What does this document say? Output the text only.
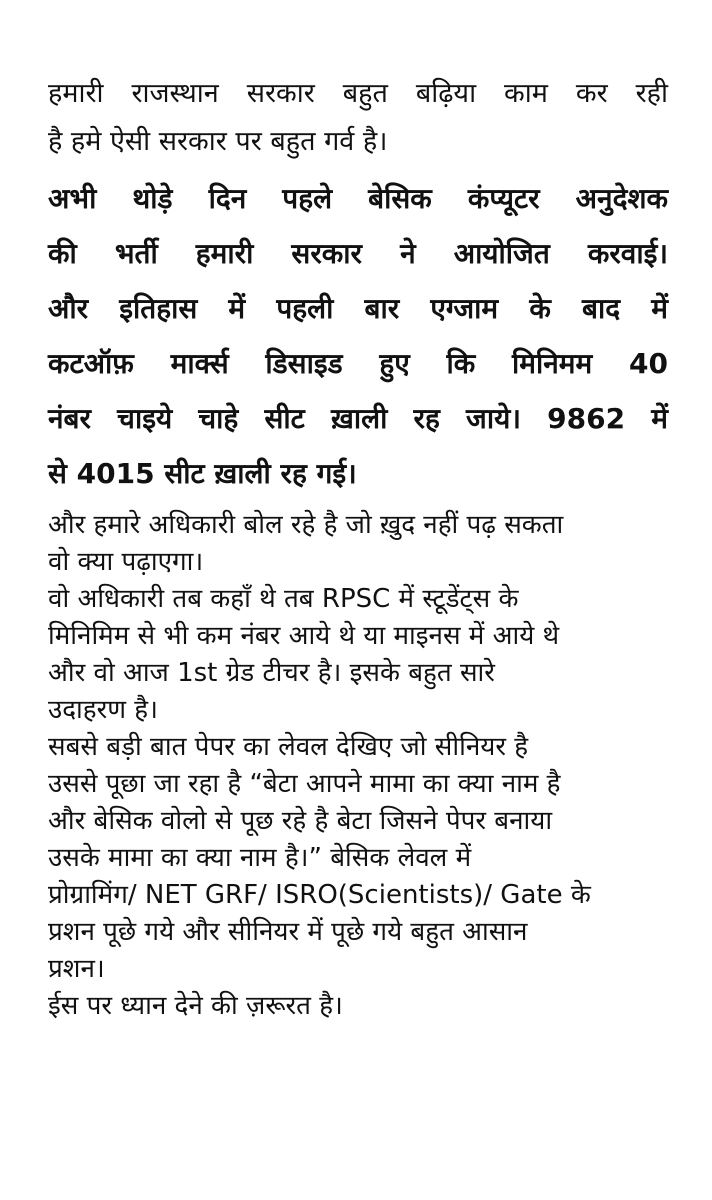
हमारी राजस्थान सरकार बहुत बढ़िया काम कर रही
है हमे ऐसी सरकार पर बहुत गर्व है।
अभी थोड़े दिन पहले बेसिक कंप्यूटर अनुदेशक
की भर्ती हमारी सरकार ने आयोजित करवाई।
और इतिहास में पहली बार एग्जाम के बाद में
कटऑफ़ मार्क्स डिसाइड हुए कि मिनिमम 40
नंबर चाइये चाहे सीट ख़ाली रह जाये। 9862 में
से 4015 सीट ख़ाली रह गई।
और हमारे अधिकारी बोल रहे है जो ख़ुद नहीं पढ़ सकता
वो क्या पढ़ाएगा।
वो अधिकारी तब कहाँ थे तब RPSC में स्टूडेंट्स के
मिनिमिम से भी कम नंबर आये थे या माइनस में आये थे
और वो आज 1st ग्रेड टीचर है। इसके बहुत सारे
उदाहरण है।
सबसे बड़ी बात पेपर का लेवल देखिए जो सीनियर है
उससे पूछा जा रहा है “बेटा आपने मामा का क्या नाम है
और बेसिक वोलो से पूछ रहे है बेटा जिसने पेपर बनाया
उसके मामा का क्या नाम है।” बेसिक लेवल में
प्रोग्रामिंग/ NET GRF/ ISRO(Scientists)/ Gate के
प्रशन पूछे गये और सीनियर में पूछे गये बहुत आसान
प्रशन।
ईस पर ध्यान देने की ज़रूरत है।
